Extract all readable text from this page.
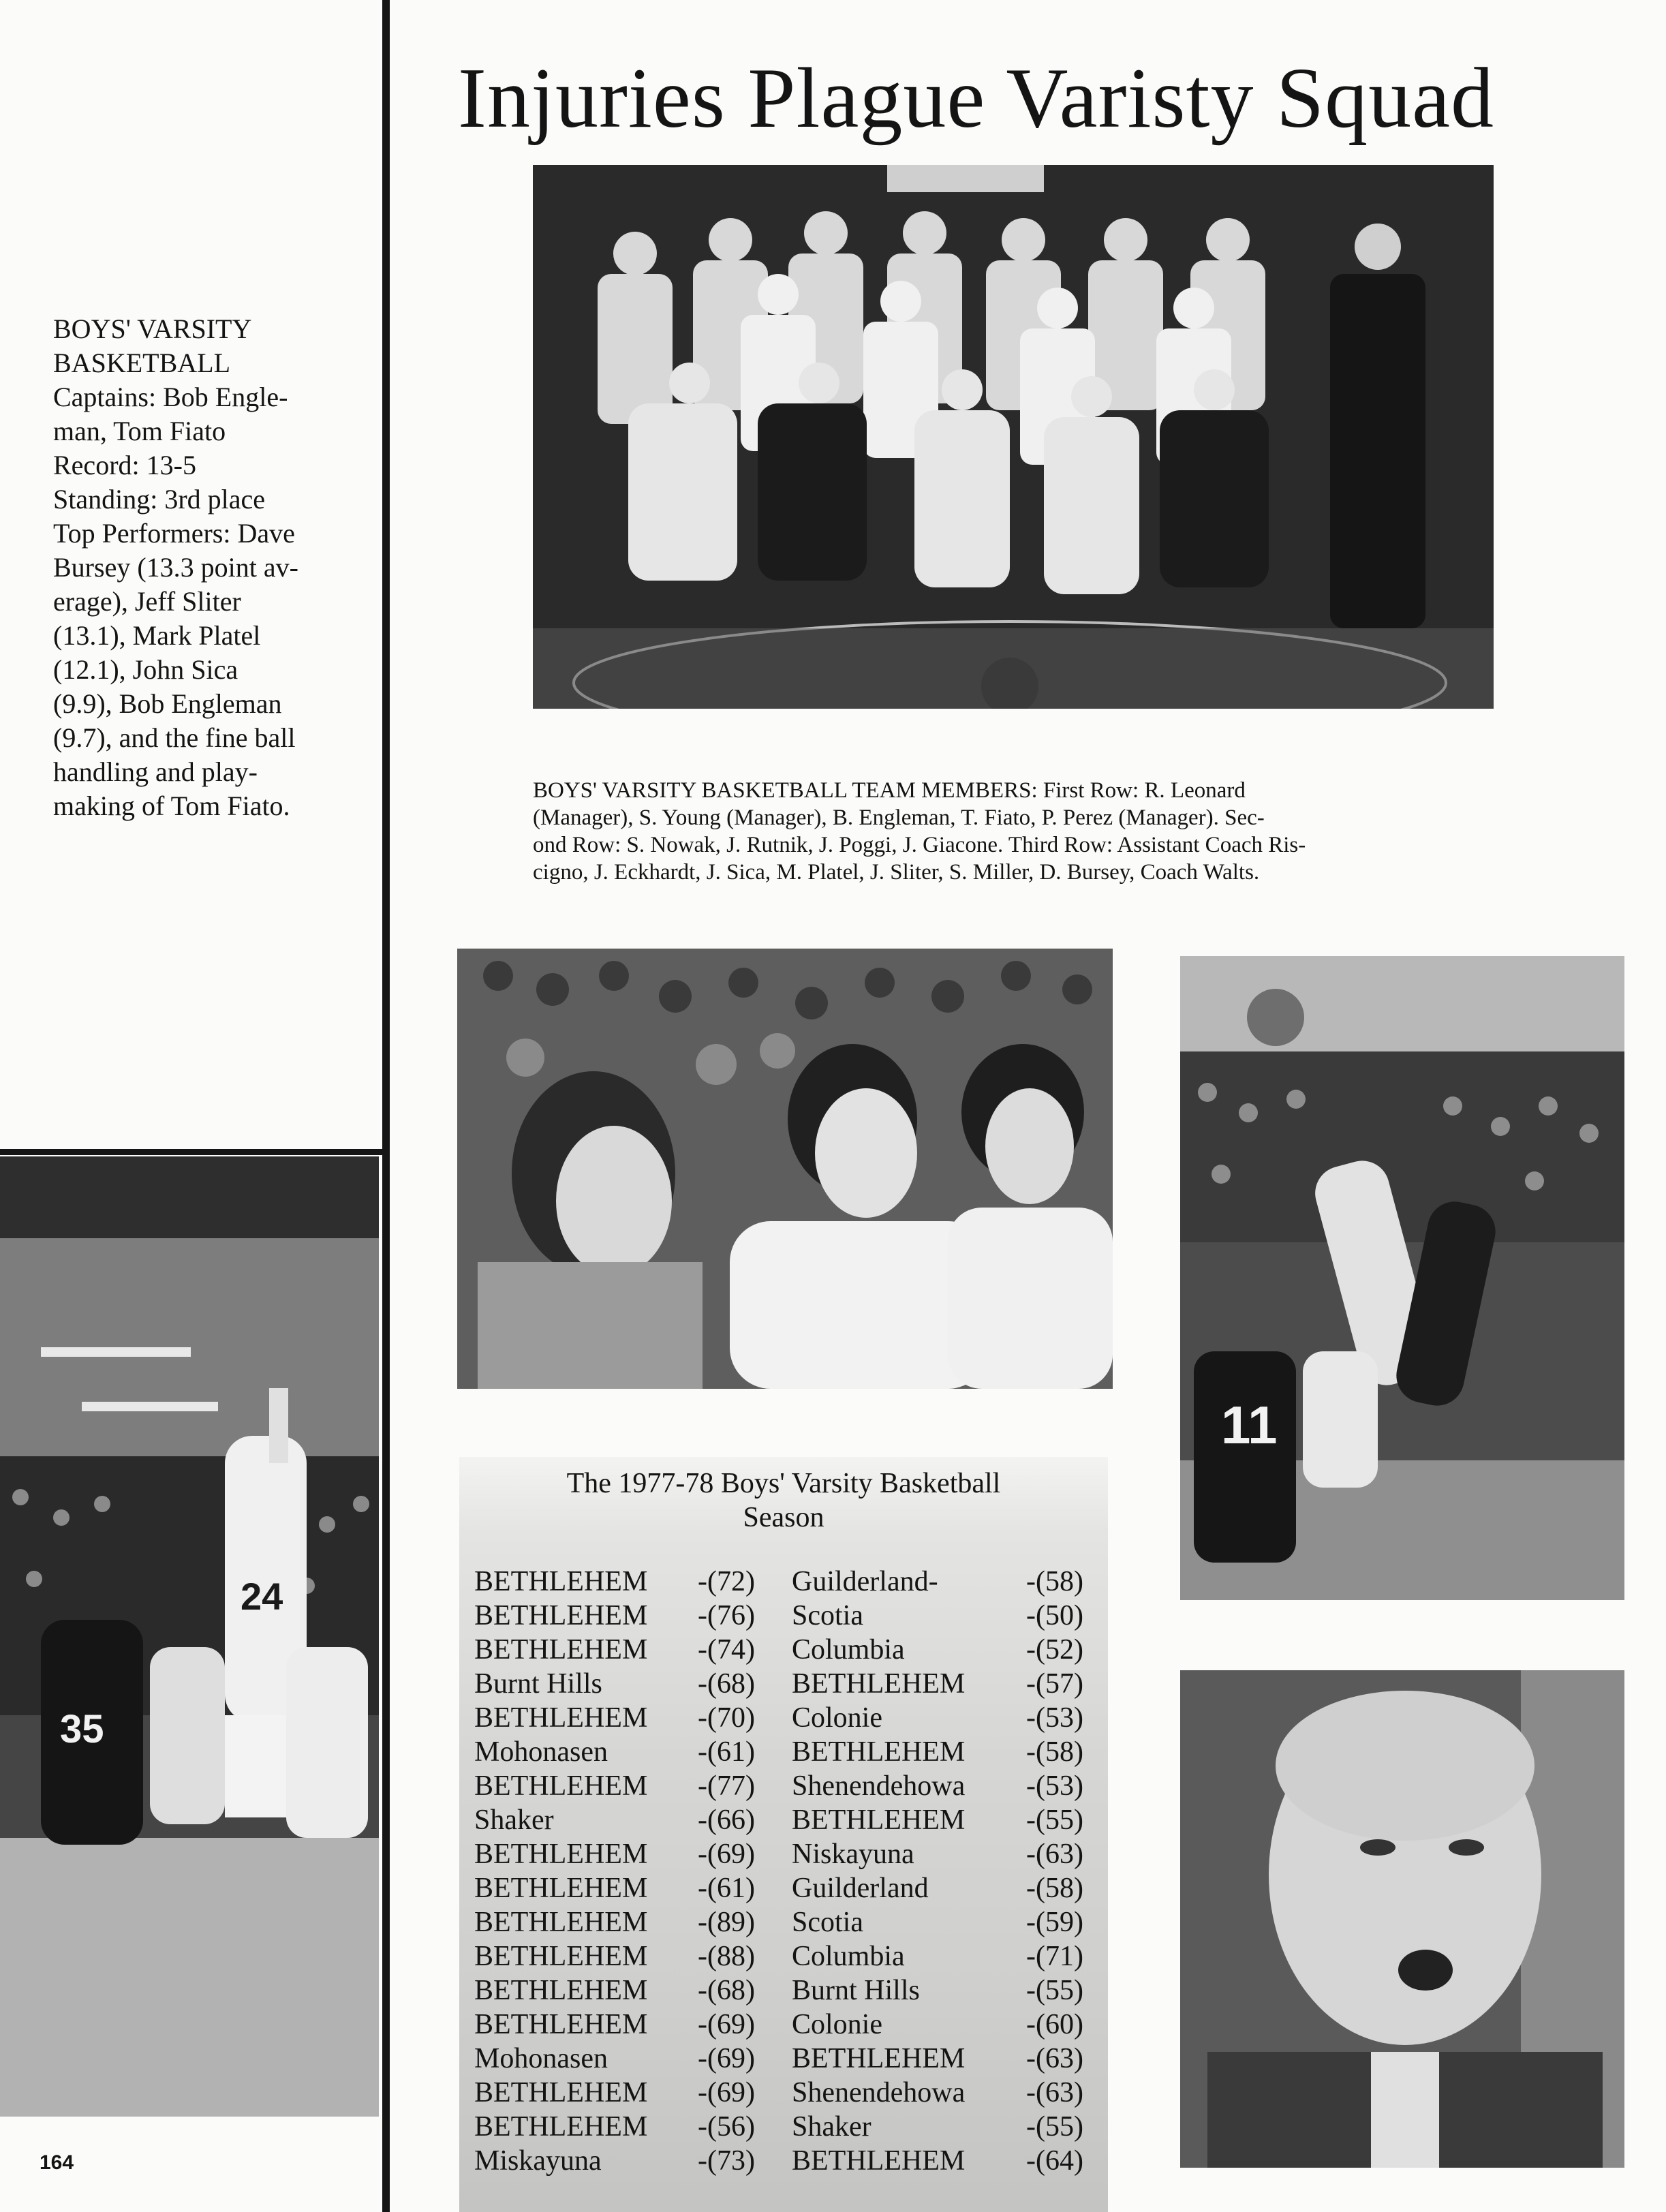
Injuries Plague Varisty Squad
BOYS' VARSITY
BASKETBALL
Captains: Bob Engle-
man, Tom Fiato
Record: 13-5
Standing: 3rd place
Top Performers: Dave
Bursey (13.3 point av-
erage), Jeff Sliter
(13.1), Mark Platel
(12.1), John Sica
(9.9), Bob Engleman
(9.7), and the fine ball
handling and play-
making of Tom Fiato.	BOYS' VARSITY BASKETBALL TEAM MEMBERS: First Row: R. Leonard
(Manager), S. Young (Manager), B. Engleman, T. Fiato, P. Perez (Manager). Sec-
ond Row: S. Nowak, J. Rutnik, J. Poggi, J. Giacone. Third Row: Assistant Coach Ris-
cigno, J. Eckhardt, J. Sica, M. Platel, J. Sliter, S. Miller, D. Bursey, Coach Walts.
11
24
35
The 1977-78 Boys' Varsity Basketball
Season
BETHLEHEM -(72) Guilderland-	-(58)
BETHLEHEM -(76) Scotia	-(50)
BETHLEHEM -(74) Columbia	-(52)
Burnt Hills	-(68) BETHLEHEM -(57)
BETHLEHEM -(70) Colonie	-(53)
Mohonasen	-(61) BETHLEHEM -(58)
BETHLEHEM -(77) Shenendehowa -(53)
Shaker	-(66) BETHLEHEM -(55)
BETHLEHEM -(69) Niskayuna	-(63)
BETHLEHEM -(61) Guilderland	-(58)
BETHLEHEM -(89) Scotia	-(59)
BETHLEHEM -(88) Columbia	-(71)
BETHLEHEM -(68) Burnt Hills	-(55)
BETHLEHEM -(69) Colonie	-(60)
Mohonasen	-(69) BETHLEHEM -(63)
BETHLEHEM -(69) Shenendehowa -(63)
BETHLEHEM -(56) Shaker	-(55)
Miskayuna	-(73) BETHLEHEM -(64)
164
